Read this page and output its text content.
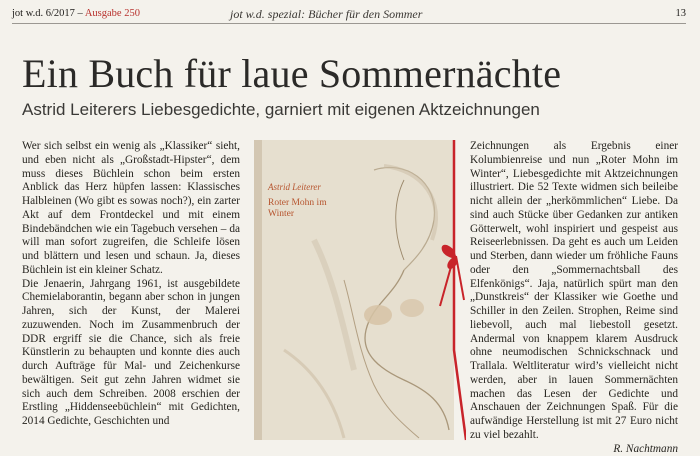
jot w.d. 6/2017 – Ausgabe 250	jot w.d. spezial: Bücher für den Sommer	13
Ein Buch für laue Sommernächte
Astrid Leiterers Liebesgedichte, garniert mit eigenen Aktzeichnungen

Wer sich selbst ein wenig als „Klassiker“ sieht, und eben nicht als „Großstadt-Hipster“, dem muss dieses Büchlein schon beim ersten Anblick das Herz hüpfen lassen: Klassisches Halbleinen (Wo gibt es sowas noch?), ein zarter Akt auf dem Frontdeckel und mit einem Bindebändchen wie ein Tagebuch versehen – da will man sofort zugreifen, die Schleife lösen und blättern und lesen und schaun. Ja, dieses Büchlein ist ein kleiner Schatz.

Die Jenaerin, Jahrgang 1961, ist ausgebildete Chemielaborantin, begann aber schon in jungen Jahren, sich der Kunst, der Malerei zuzuwenden. Noch im Zusammenbruch der DDR ergriff sie die Chance, sich als freie Künstlerin zu behaupten und konnte dies auch durch Aufträge für Mal- und Zeichenkurse bewältigen. Seit gut zehn Jahren widmet sie sich auch dem Schreiben. 2008 erschien der Erstling „Hiddenseebüchlein“ mit Gedichten, 2014 Gedichte, Geschichten und

Astrid Leiterer
Roter Mohn im Winter

Zeichnungen als Ergebnis einer Kolumbienreise und nun „Roter Mohn im Winter“, Liebesgedichte mit Aktzeichnungen illustriert. Die 52 Texte widmen sich beileibe nicht allein der „herkömmlichen“ Liebe. Da sind auch Stücke über Gedanken zur antiken Götterwelt, wohl inspiriert und gespeist aus Reiseerlebnissen. Da geht es auch um Leiden und Sterben, dann wieder um fröhliche Fauns oder den „Sommernachtsball des Elfenkönigs“. Jaja, natürlich spürt man den „Dunstkreis“ der Klassiker wie Goethe und Schiller in den Zeilen. Strophen, Reime sind liebevoll, auch mal liebestoll gesetzt. Andermal von knappem klarem Ausdruck ohne neumodischen Schnickschnack und Trallala. Weltliteratur wird’s vielleicht nicht werden, aber in lauen Sommernächten machen das Lesen der Gedichte und Anschauen der Zeichnungen Spaß. Für die aufwändige Herstellung ist mit 27 Euro nicht zu viel bezahlt.

R. Nachtmann
